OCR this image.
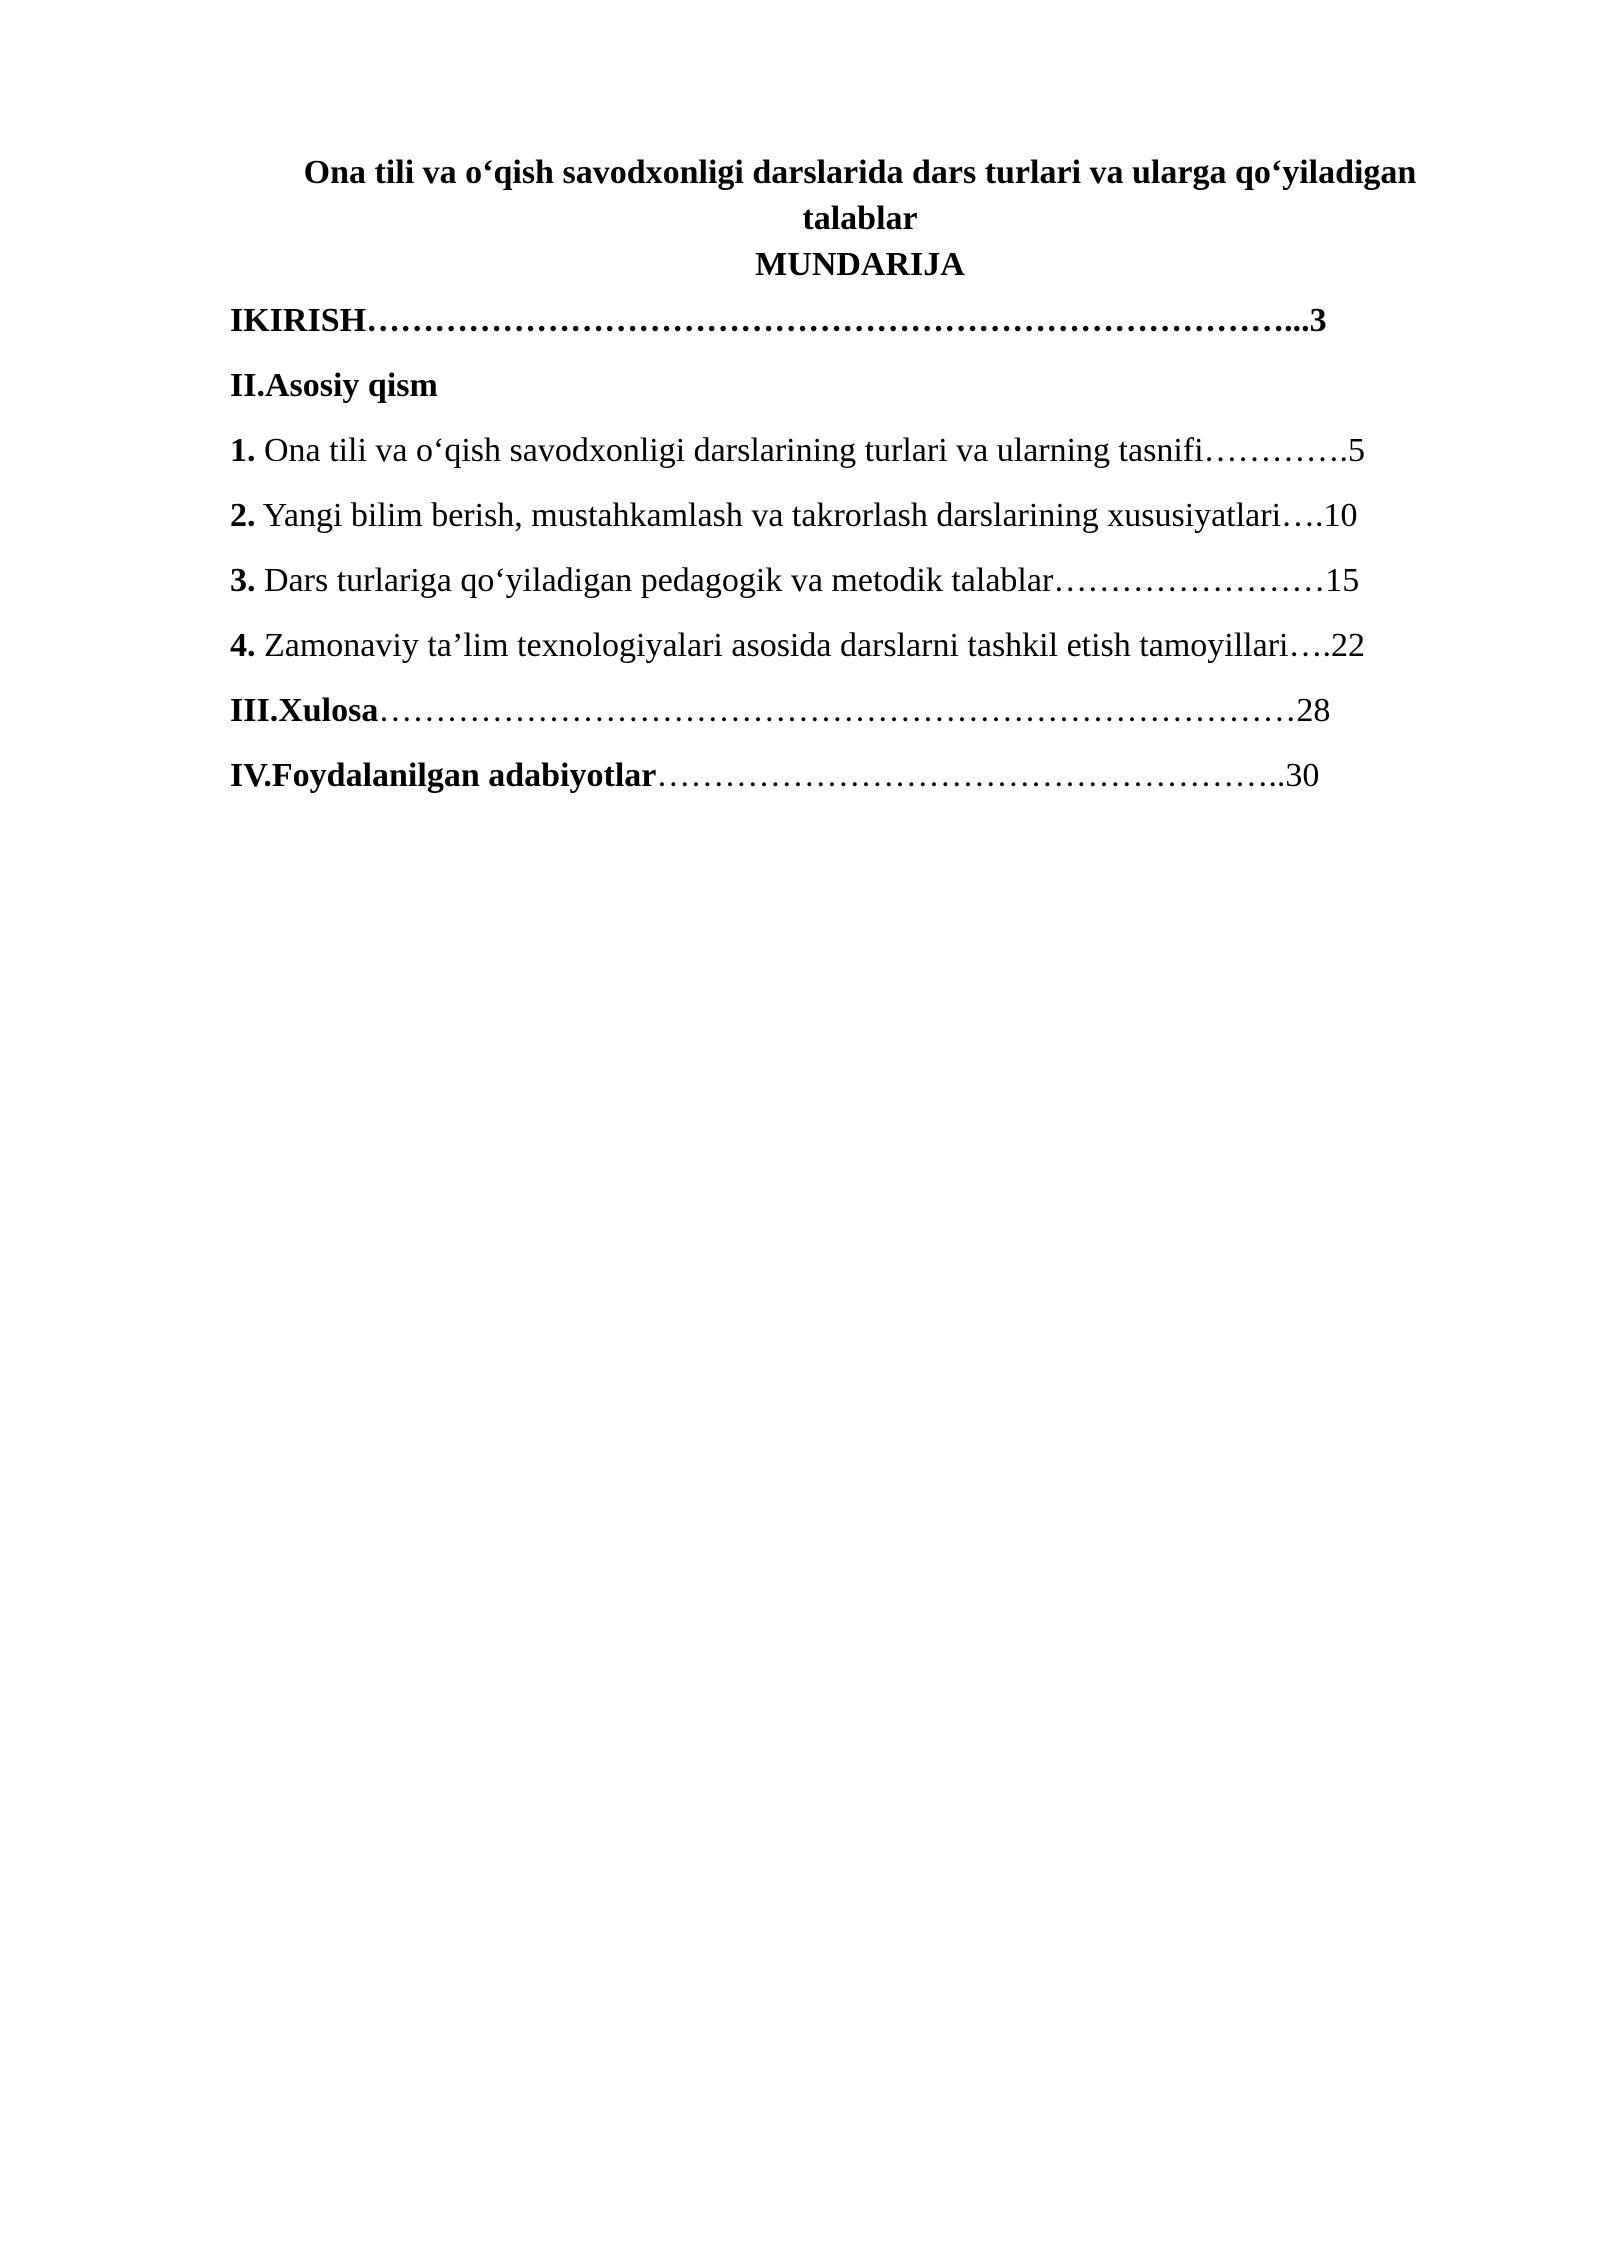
Ona tili va o‘qish savodxonligi darslarida dars turlari va ularga qo‘yiladigan
talablar

MUNDARIJA

IKIRISH………………………………………………………………………...3

II.Asosiy qism

1. Ona tili va o‘qish savodxonligi darslarining turlari va ularning tasnifi………….5

2. Yangi bilim berish, mustahkamlash va takrorlash darslarining xususiyatlari….10

3. Dars turlariga qo‘yiladigan pedagogik va metodik talablar……………………15

4. Zamonaviy ta’lim texnologiyalari asosida darslarni tashkil etish tamoyillari….22

III.Xulosa………………………………………………………………………28

IV.Foydalanilgan adabiyotlar………………………………………………..30
